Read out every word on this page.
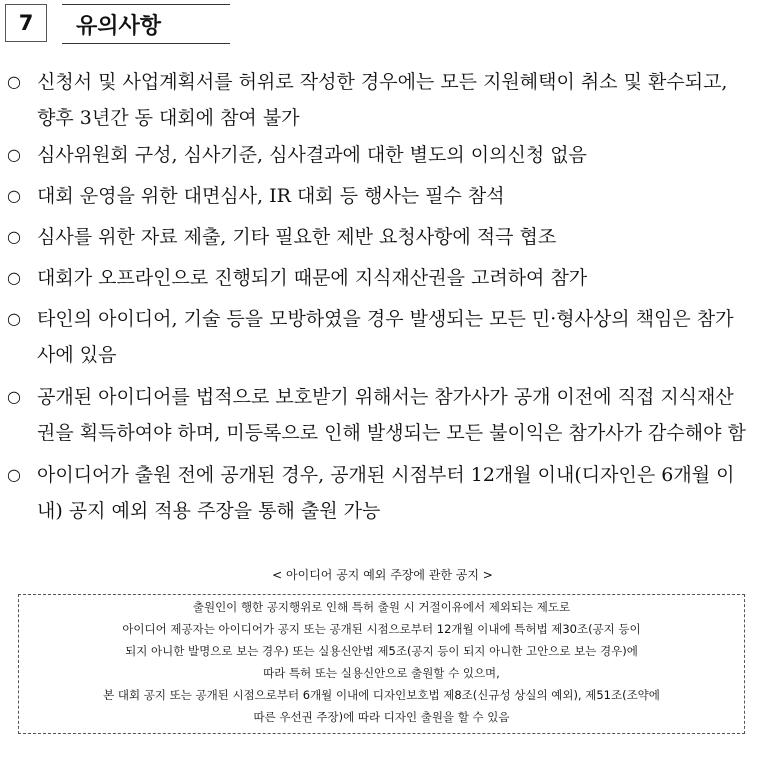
7	유의사항
○ 신청서 및 사업계획서를 허위로 작성한 경우에는 모든 지원혜택이 취소 및 환수되고, 향후 3년간 동 대회에 참여 불가
○ 심사위원회 구성, 심사기준, 심사결과에 대한 별도의 이의신청 없음
○ 대회 운영을 위한 대면심사, IR 대회 등 행사는 필수 참석
○ 심사를 위한 자료 제출, 기타 필요한 제반 요청사항에 적극 협조
○ 대회가 오프라인으로 진행되기 때문에 지식재산권을 고려하여 참가
○ 타인의 아이디어, 기술 등을 모방하였을 경우 발생되는 모든 민·형사상의 책임은 참가사에 있음
○ 공개된 아이디어를 법적으로 보호받기 위해서는 참가사가 공개 이전에 직접 지식재산권을 획득하여야 하며, 미등록으로 인해 발생되는 모든 불이익은 참가사가 감수해야 함
○ 아이디어가 출원 전에 공개된 경우, 공개된 시점부터 12개월 이내(디자인은 6개월 이내) 공지 예외 적용 주장을 통해 출원 가능
< 아이디어 공지 예외 주장에 관한 공지 >
출원인이 행한 공지행위로 인해 특허 출원 시 거절이유에서 제외되는 제도로
아이디어 제공자는 아이디어가 공지 또는 공개된 시점으로부터 12개월 이내에 특허법 제30조(공지 등이
되지 아니한 발명으로 보는 경우) 또는 실용신안법 제5조(공지 등이 되지 아니한 고안으로 보는 경우)에
따라 특허 또는 실용신안으로 출원할 수 있으며,
본 대회 공지 또는 공개된 시점으로부터 6개월 이내에 디자인보호법 제8조(신규성 상실의 예외), 제51조(조약에
따른 우선권 주장)에 따라 디자인 출원을 할 수 있음
